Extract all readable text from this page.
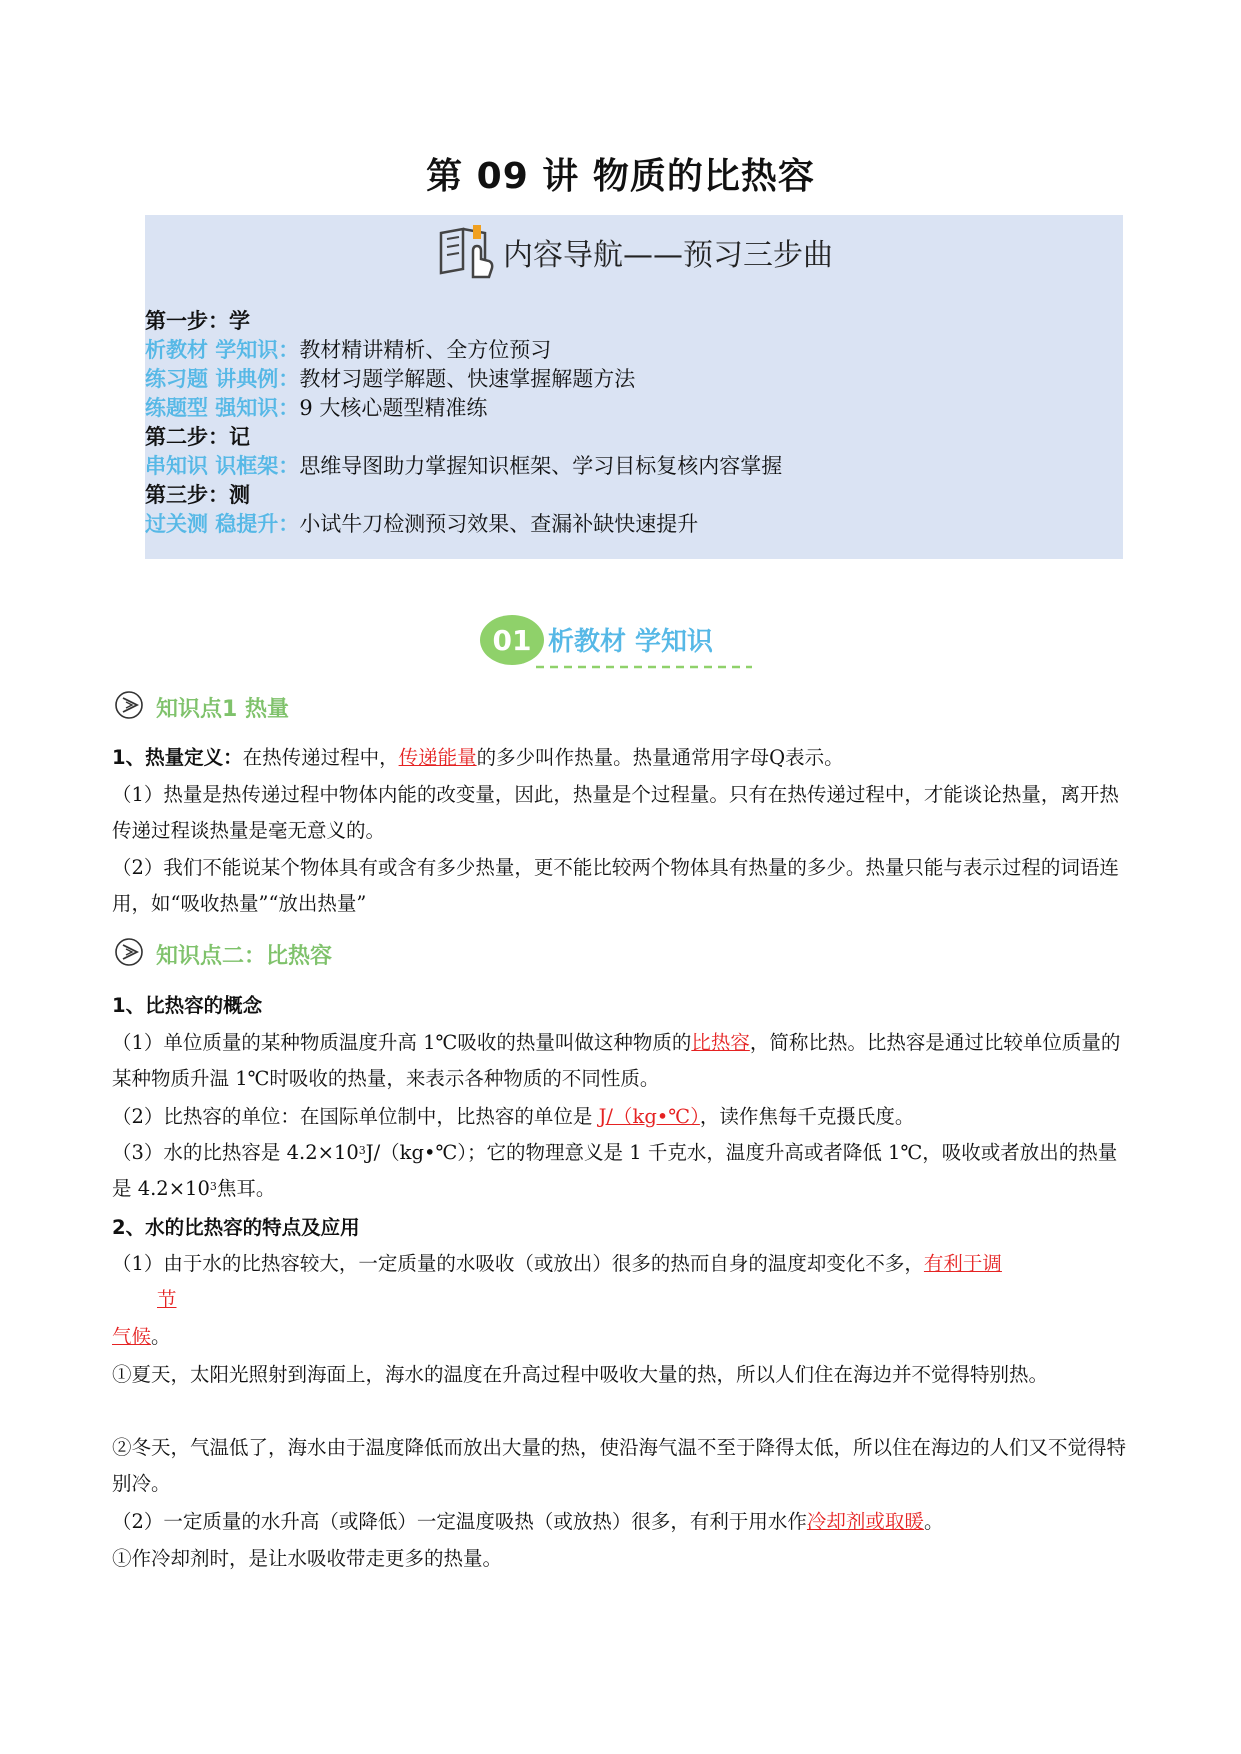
第 09 讲 物质的比热容
内容导航——预习三步曲
第一步：学
析教材 学知识：教材精讲精析、全方位预习
练习题 讲典例：教材习题学解题、快速掌握解题方法
练题型 强知识：9 大核心题型精准练
第二步：记
串知识 识框架：思维导图助力掌握知识框架、学习目标复核内容掌握
第三步：测
过关测 稳提升：小试牛刀检测预习效果、查漏补缺快速提升
01 析教材 学知识
知识点1 热量
1、热量定义：在热传递过程中，传递能量的多少叫作热量。热量通常用字母Q表示。
（1）热量是热传递过程中物体内能的改变量，因此，热量是个过程量。只有在热传递过程中，才能谈论热量，离开热传递过程谈热量是毫无意义的。
（2）我们不能说某个物体具有或含有多少热量，更不能比较两个物体具有热量的多少。热量只能与表示过程的词语连用，如“吸收热量”“放出热量”
知识点二：比热容
1、比热容的概念
（1）单位质量的某种物质温度升高 1℃吸收的热量叫做这种物质的比热容，简称比热。比热容是通过比较单位质量的某种物质升温 1℃时吸收的热量，来表示各种物质的不同性质。
（2）比热容的单位：在国际单位制中，比热容的单位是 J/（kg•℃），读作焦每千克摄氏度。
（3）水的比热容是 $4.2\times 10^3J/(kg•℃)$；它的物理意义是 1 千克水，温度升高或者降低 1℃，吸收或者放出的热量是 $4.2\times 10^3$焦耳。
2、水的比热容的特点及应用
（1）由于水的比热容较大，一定质量的水吸收（或放出）很多的热而自身的温度却变化不多，有利于调
节
气候。
①夏天，太阳光照射到海面上，海水的温度在升高过程中吸收大量的热，所以人们住在海边并不觉得特别热。
②冬天，气温低了，海水由于温度降低而放出大量的热，使沿海气温不至于降得太低，所以住在海边的人们又不觉得特别冷。
（2）一定质量的水升高（或降低）一定温度吸热（或放热）很多，有利于用水作冷却剂或取暖。
①作冷却剂时，是让水吸收带走更多的热量。
